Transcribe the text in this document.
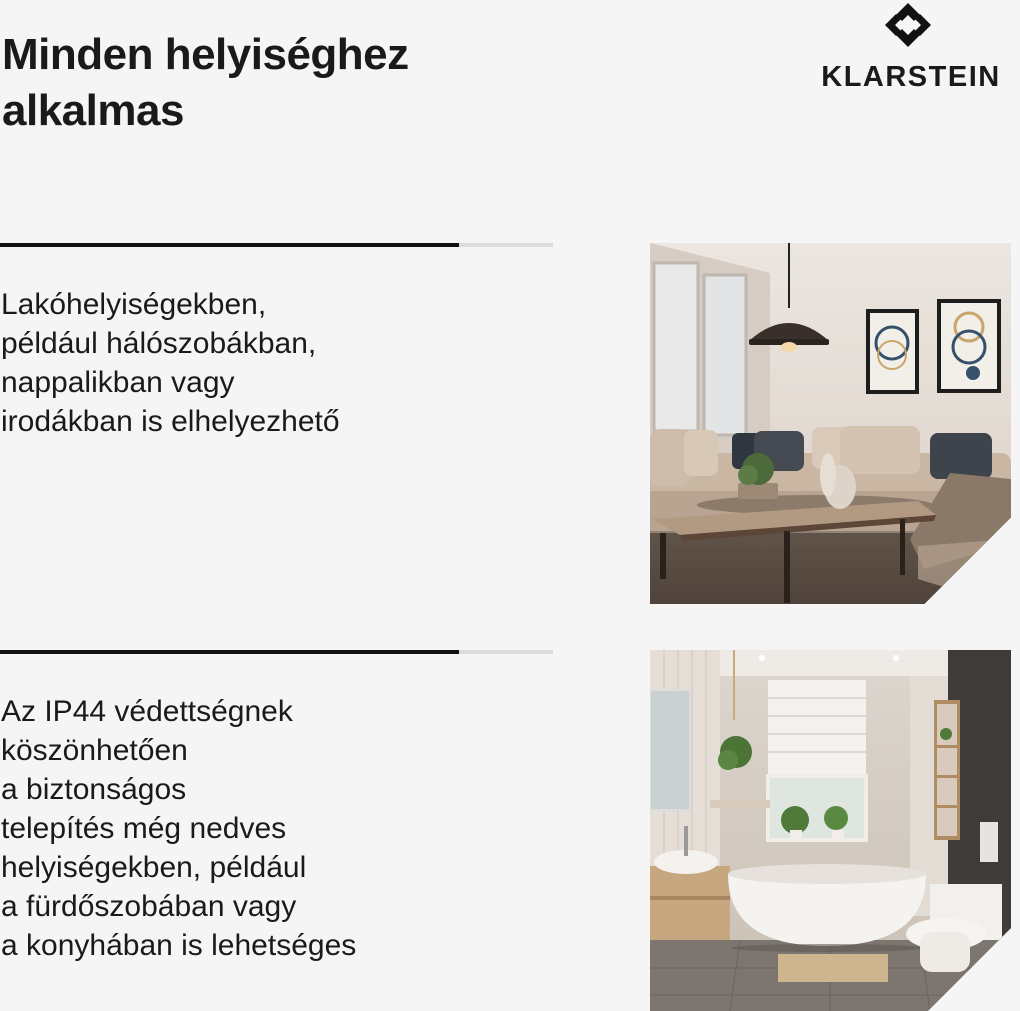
Minden helyiséghez
alkalmas
KLARSTEIN
Lakóhelyiségekben,
például hálószobákban,
nappalikban vagy
irodákban is elhelyezhető
Az IP44 védettségnek
köszönhetően
a biztonságos
telepítés még nedves
helyiségekben, például
a fürdőszobában vagy
a konyhában is lehetséges
